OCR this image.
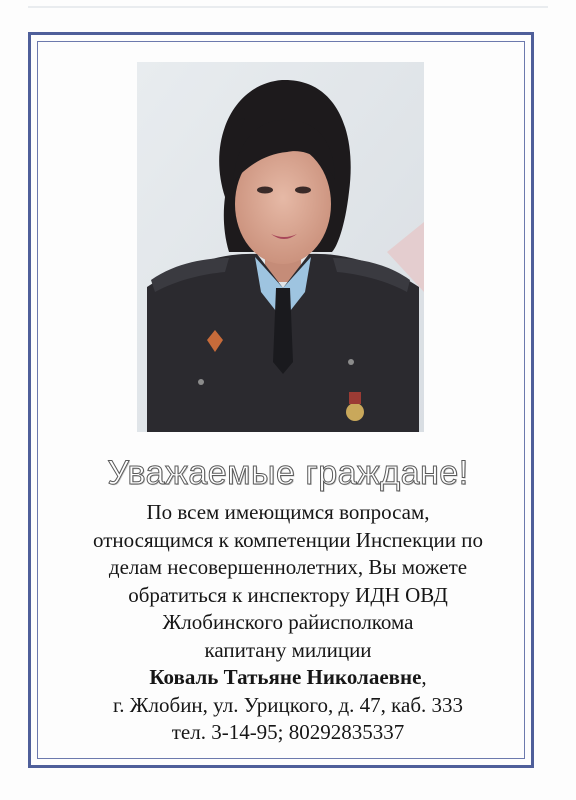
Уважаемые граждане!
По всем имеющимся вопросам,
относящимся к компетенции Инспекции по
делам несовершеннолетних, Вы можете
обратиться к инспектору ИДН ОВД
Жлобинского райисполкома
капитану милиции
Коваль Татьяне Николаевне,
г. Жлобин, ул. Урицкого, д. 47, каб. 333
тел. 3-14-95; 80292835337
